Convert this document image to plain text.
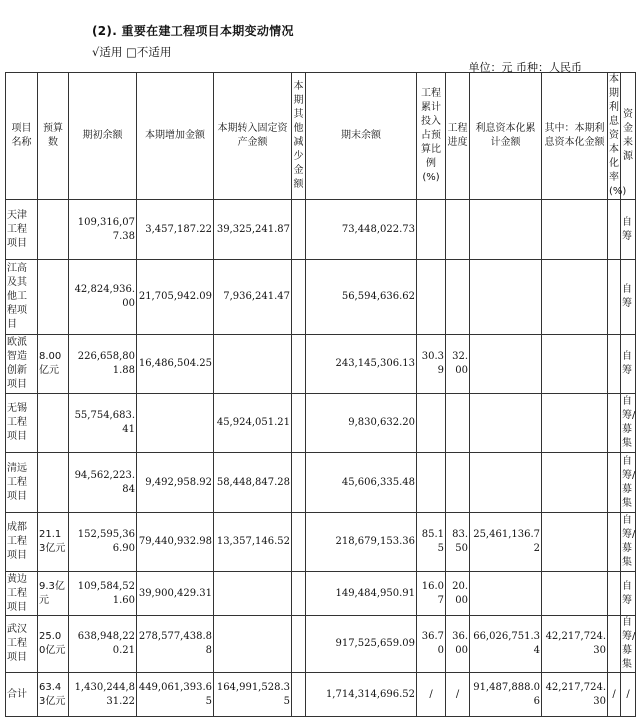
(2). 重要在建工程项目本期变动情况
√适用 □不适用
单位：元 币种：人民币
项目名称	预算数	期初余额	本期增加金额	本期转入固定资产金额	本期其他减少金额	期末余额	工程累计投入占预算比例(%)	工程进度	利息资本化累计金额	其中：本期利息资本化金额	本期利息资本化率(%)	资金来源
天津工程项目		109,316,077.38	3,457,187.22	39,325,241.87		73,448,022.73						自筹
江高及其他工程项目		42,824,936.00	21,705,942.09	7,936,241.47		56,594,636.62						自筹
欧派智造创新项目	8.00亿元	226,658,801.88	16,486,504.25			243,145,306.13	30.39	32.00				自筹
无锡工程项目		55,754,683.41		45,924,051.21		9,830,632.20						自筹/募集
清远工程项目		94,562,223.84	9,492,958.92	58,448,847.28		45,606,335.48						自筹/募集
成都工程项目	21.13亿元	152,595,366.90	79,440,932.98	13,357,146.52		218,679,153.36	85.15	83.50	25,461,136.72			自筹/募集
黄边工程项目	9.3亿元	109,584,521.60	39,900,429.31			149,484,950.91	16.07	20.00				自筹
武汉工程项目	25.00亿元	638,948,220.21	278,577,438.88			917,525,659.09	36.70	36.00	66,026,751.34	42,217,724.30		自筹/募集
合计	63.43亿元	1,430,244,831.22	449,061,393.65	164,991,528.35		1,714,314,696.52	/	/	91,487,888.06	42,217,724.30	/	/
